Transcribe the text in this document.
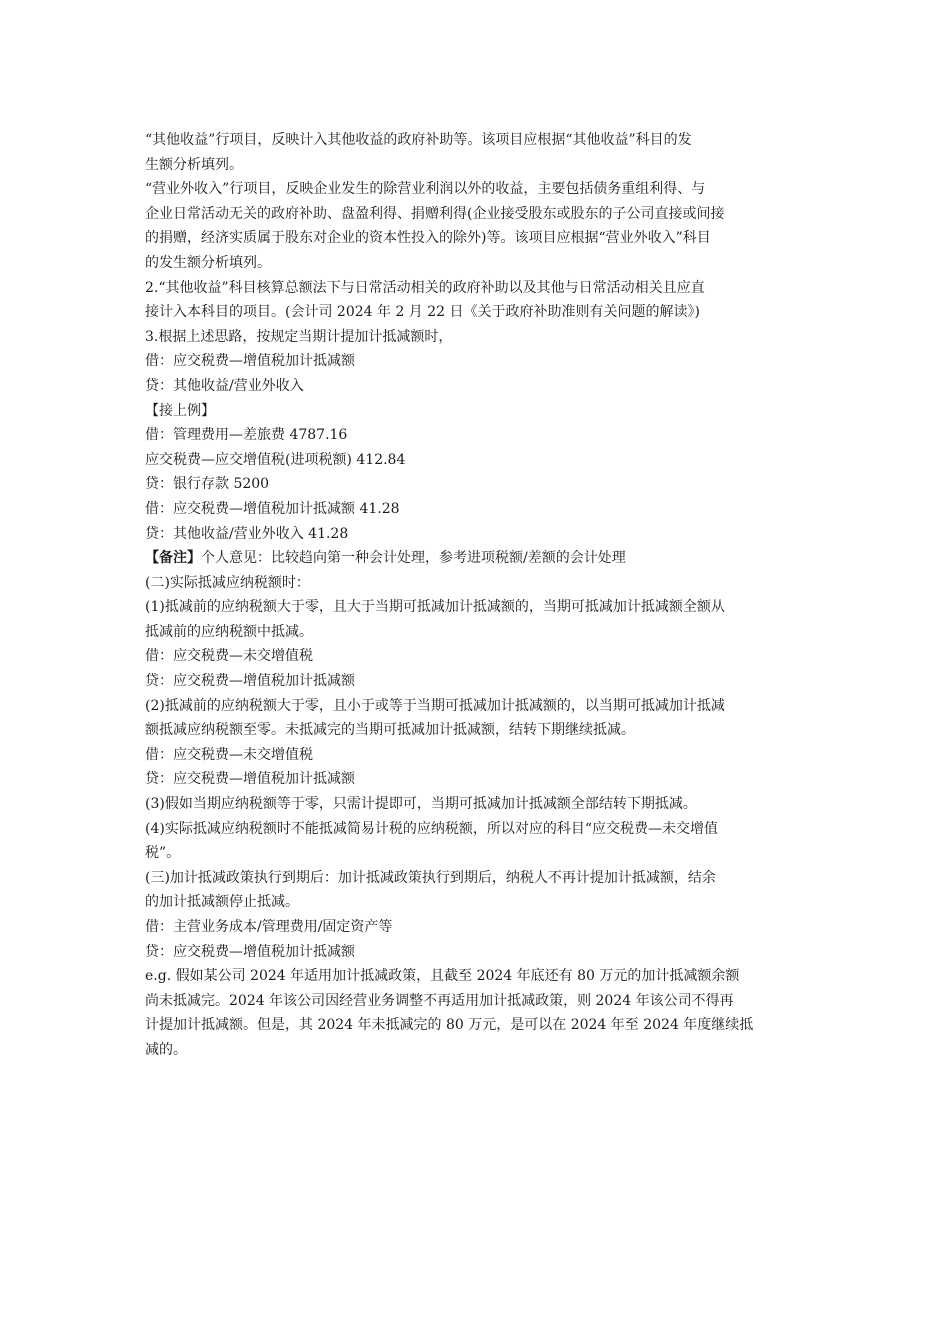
“其他收益”行项目，反映计入其他收益的政府补助等。该项目应根据“其他收益”科目的发
生额分析填列。
“营业外收入”行项目，反映企业发生的除营业利润以外的收益，主要包括债务重组利得、与
企业日常活动无关的政府补助、盘盈利得、捐赠利得(企业接受股东或股东的子公司直接或间接
的捐赠，经济实质属于股东对企业的资本性投入的除外)等。该项目应根据“营业外收入”科目
的发生额分析填列。
2.“其他收益”科目核算总额法下与日常活动相关的政府补助以及其他与日常活动相关且应直
接计入本科目的项目。(会计司 2024 年 2 月 22 日《关于政府补助准则有关问题的解读》)
3.根据上述思路，按规定当期计提加计抵减额时，
借：应交税费—增值税加计抵减额
贷：其他收益/营业外收入
【接上例】
借：管理费用—差旅费 4787.16
应交税费—应交增值税(进项税额) 412.84
贷：银行存款 5200
借：应交税费—增值税加计抵减额 41.28
贷：其他收益/营业外收入 41.28
【备注】个人意见：比较趋向第一种会计处理，参考进项税额/差额的会计处理
(二)实际抵减应纳税额时：
(1)抵减前的应纳税额大于零，且大于当期可抵减加计抵减额的，当期可抵减加计抵减额全额从
抵减前的应纳税额中抵减。
借：应交税费—未交增值税
贷：应交税费—增值税加计抵减额
(2)抵减前的应纳税额大于零，且小于或等于当期可抵减加计抵减额的，以当期可抵减加计抵减
额抵减应纳税额至零。未抵减完的当期可抵减加计抵减额，结转下期继续抵减。
借：应交税费—未交增值税
贷：应交税费—增值税加计抵减额
(3)假如当期应纳税额等于零，只需计提即可，当期可抵减加计抵减额全部结转下期抵减。
(4)实际抵减应纳税额时不能抵减简易计税的应纳税额，所以对应的科目“应交税费—未交增值
税”。
(三)加计抵减政策执行到期后：加计抵减政策执行到期后，纳税人不再计提加计抵减额，结余
的加计抵减额停止抵减。
借：主营业务成本/管理费用/固定资产等
贷：应交税费—增值税加计抵减额
e.g. 假如某公司 2024 年适用加计抵减政策，且截至 2024 年底还有 80 万元的加计抵减额余额
尚未抵减完。2024 年该公司因经营业务调整不再适用加计抵减政策，则 2024 年该公司不得再
计提加计抵减额。但是，其 2024 年未抵减完的 80 万元，是可以在 2024 年至 2024 年度继续抵
减的。
